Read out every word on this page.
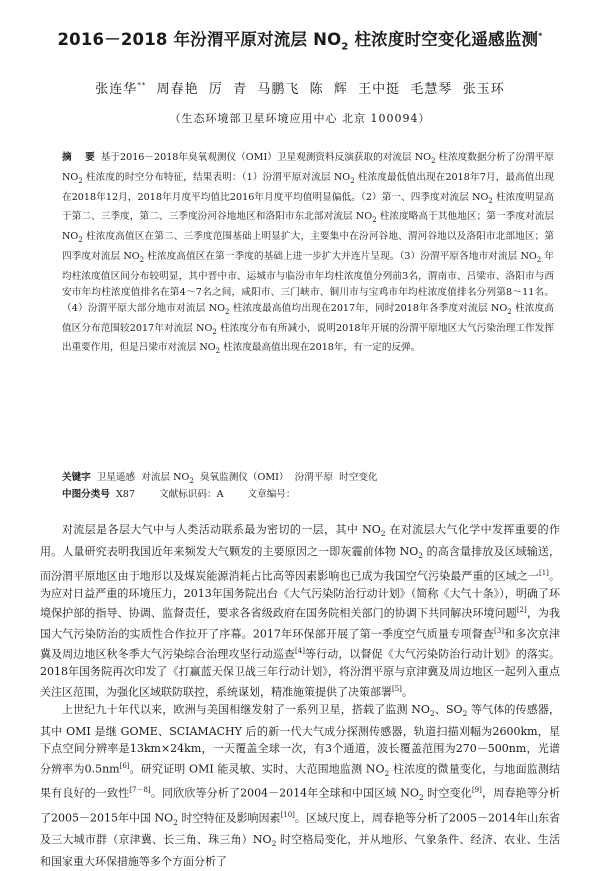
2016－2018 年汾渭平原对流层 $NO_2$ 柱浓度时空变化遥感监测*
张连华**  周春艳  厉  青  马鹏飞  陈  辉  王中挺  毛慧琴  张玉环
（生态环境部卫星环境应用中心 北京 100094）
摘    要 基于2016－2018年臭氧观测仪（OMI）卫星观测资料反演获取的对流层 $NO_2$ 柱浓度数据分析了汾渭平原 $NO_2$ 柱浓度的时空分布特征，结果表明：（1）汾渭平原对流层 $NO_2$ 柱浓度最低值出现在2018年7月，最高值出现在2018年12月，2018年月度平均值比2016年月度平均值明显偏低。（2）第一、四季度对流层 $NO_2$ 柱浓度明显高于第二、三季度，第二、三季度汾河谷地地区和洛阳市东北部对流层 $NO_2$ 柱浓度略高于其他地区；第一季度对流层 $NO_2$ 柱浓度高值区在第二、三季度范围基础上明显扩大，主要集中在汾河谷地、渭河谷地以及洛阳市北部地区；第四季度对流层 $NO_2$ 柱浓度高值区在第一季度的基础上进一步扩大并连片呈现。（3）汾渭平原各地市对流层 $NO_2$ 年均柱浓度值区间分布较明显，其中晋中市、运城市与临汾市年均柱浓度值分列前3名，渭南市、吕梁市、洛阳市与西安市年均柱浓度值排名在第4～7名之间，咸阳市、三门峡市、铜川市与宝鸡市年均柱浓度值排名分列第8～11名。（4）汾渭平原大部分地市对流层 $NO_2$ 柱浓度最高值均出现在2017年，同时2018年各季度对流层 $NO_2$ 柱浓度高值区分布范围较2017年对流层 $NO_2$ 柱浓度分布有所减小，说明2018年开展的汾渭平原地区大气污染治理工作发挥出重要作用，但是吕梁市对流层 $NO_2$ 柱浓度最高值出现在2018年，有一定的反弹。
关键字 卫星遥感  对流层 $NO_2$  臭氧监测仪（OMI）  汾渭平原  时空变化
中图分类号 X87	文献标识码：A	文章编号：

对流层是各层大气中与人类活动联系最为密切的一层，其中 $NO_2$ 在对流层大气化学中发挥重要的作用。人量研究表明我国近年来频发大气颗发的主要原因之一即灰霾前体物 $NO_2$ 的高含量排放及区域输送，而汾渭平原地区由于地形以及煤炭能源消耗占比高等因素影响也已成为我国空气污染最严重的区域之一[1]。为应对日益严重的环境压力，2013年国务院出台《大气污染防治行动计划》（简称《大气十条》），明确了环境保护部的指导、协调、监督责任，要求各省级政府在国务院相关部门的协调下共同解决环境问题[2]，为我国大气污染防治的实质性合作拉开了序幕。2017年环保部开展了第一季度空气质量专项督查[3]和多次京津冀及周边地区秋冬季大气污染综合治理攻坚行动巡查[4]等行动，以督促《大气污染防治行动计划》的落实。2018年国务院再次印发了《打赢蓝天保卫战三年行动计划》，将汾渭平原与京津冀及周边地区一起列入重点关注区范围，为强化区域联防联控，系统谋划，精准施策提供了决策部署[5]。

上世纪九十年代以来，欧洲与美国相继发射了一系列卫星，搭载了监测 $NO_2$、$SO_2$ 等气体的传感器，其中 OMI 是继 GOME、SCIAMACHY 后的新一代大气成分探测传感器，轨道扫描刈幅为2600km，星下点空间分辨率是13km×24km，一天覆盖全球一次，有3个通道，波长覆盖范围为270－500nm，光谱分辨率为0.5nm[6]。研究证明 OMI 能灵敏、实时、大范围地监测 $NO_2$ 柱浓度的微量变化，与地面监测结果有良好的一致性[7－8]。同欣欣等分析了2004－2014年全球和中国区域 $NO_2$ 时空变化[9]，周春艳等分析了2005－2015年中国 $NO_2$ 时空特征及影响因素[10]。区域尺度上，周春艳等分析了2005－2014年山东省及三大城市群（京津冀、长三角、珠三角）$NO_2$ 时空格局变化，并从地形、气象条件、经济、农业、生活和国家重大环保措施等多个方面分析了
